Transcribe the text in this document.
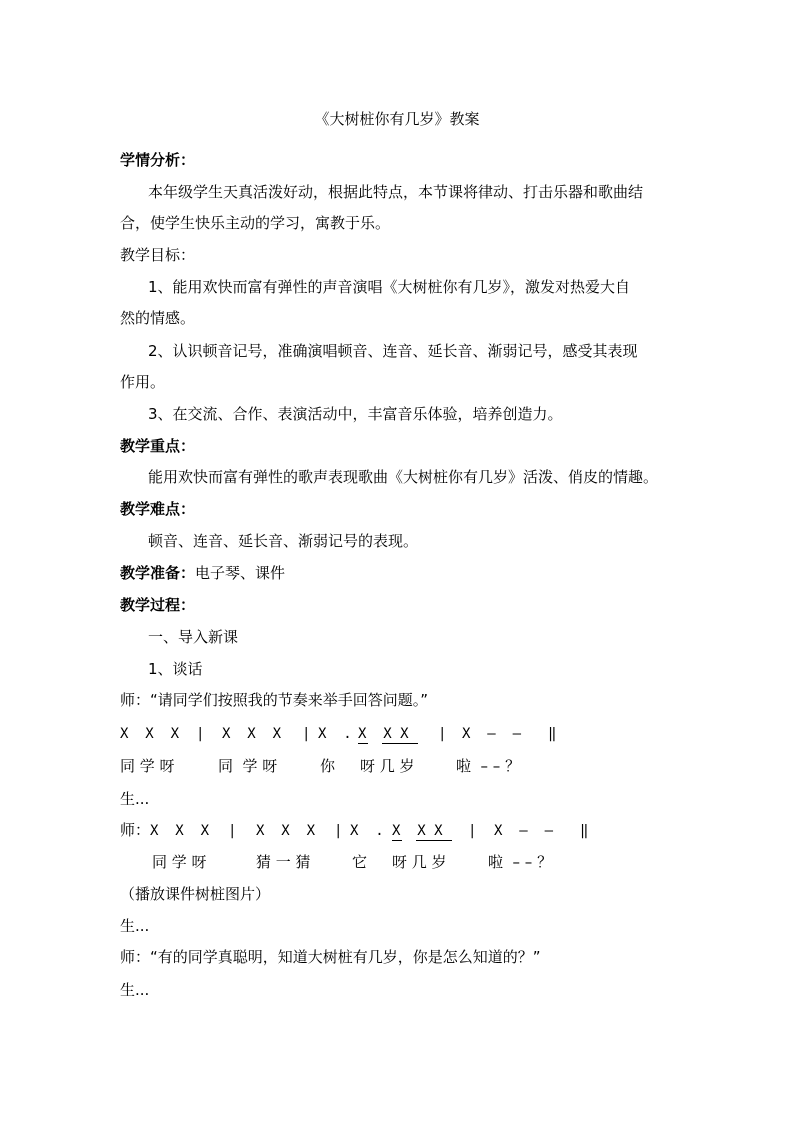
《大树桩你有几岁》教案
学情分析：
本年级学生天真活泼好动，根据此特点，本节课将律动、打击乐器和歌曲结
合，使学生快乐主动的学习，寓教于乐。
教学目标：
1、能用欢快而富有弹性的声音演唱《大树桩你有几岁》，激发对热爱大自
然的情感。
2、认识顿音记号，准确演唱顿音、连音、延长音、渐弱记号，感受其表现
作用。
3、在交流、合作、表演活动中，丰富音乐体验，培养创造力。
教学重点：
能用欢快而富有弹性的歌声表现歌曲《大树桩你有几岁》活泼、俏皮的情趣。
教学难点：
顿音、连音、延长音、渐弱记号的表现。
教学准备：电子琴、课件
教学过程：
一、导入新课
1、谈话
师：“请同学们按照我的节奏来举手回答问题。”
X  X  X | X  X  X | X  . X  X X | X  –  – ‖
同 学 呀	同  学 呀	你 呀 几 岁	啦  – – ？
生...
师： X  X  X | X  X  X | X  . X  X X | X  –  – ‖
同 学 呀	猜 一 猜	它 呀 几 岁	啦  – – ？
（播放课件树桩图片）
生...
师：“有的同学真聪明，知道大树桩有几岁，你是怎么知道的？”
生...
